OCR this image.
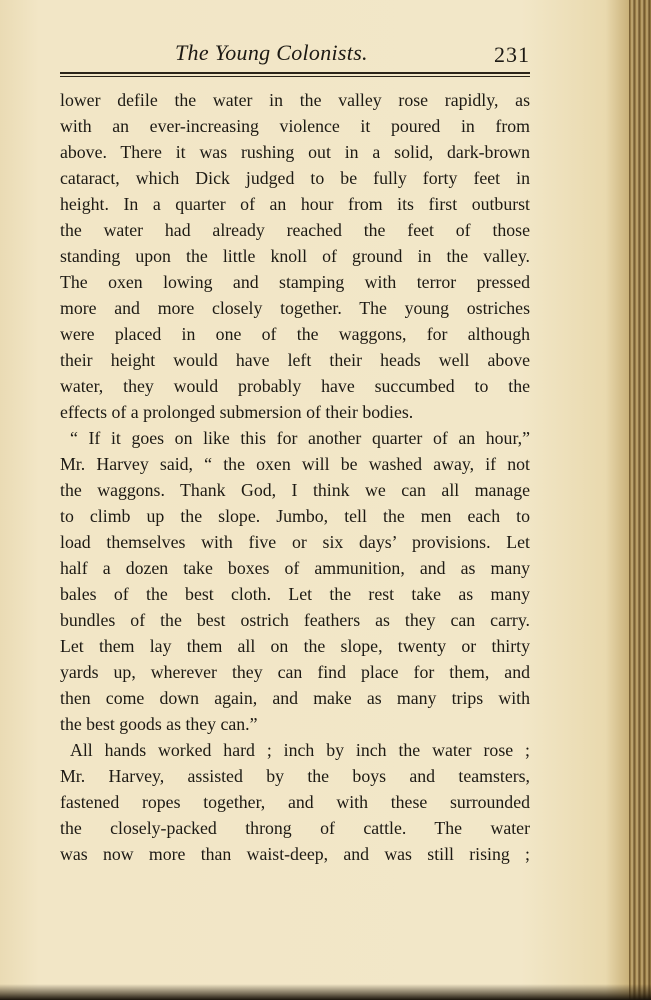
The Young Colonists.	231
lower defile the water in the valley rose rapidly, as
with an ever-increasing violence it poured in from
above. There it was rushing out in a solid, dark-brown
cataract, which Dick judged to be fully forty feet in
height. In a quarter of an hour from its first outburst
the water had already reached the feet of those
standing upon the little knoll of ground in the valley.
The oxen lowing and stamping with terror pressed
more and more closely together. The young ostriches
were placed in one of the waggons, for although
their height would have left their heads well above
water, they would probably have succumbed to the
effects of a prolonged submersion of their bodies.
“ If it goes on like this for another quarter of an hour,”
Mr. Harvey said, “ the oxen will be washed away, if not
the waggons. Thank God, I think we can all manage
to climb up the slope. Jumbo, tell the men each to
load themselves with five or six days’ provisions. Let
half a dozen take boxes of ammunition, and as many
bales of the best cloth. Let the rest take as many
bundles of the best ostrich feathers as they can carry.
Let them lay them all on the slope, twenty or thirty
yards up, wherever they can find place for them, and
then come down again, and make as many trips with
the best goods as they can.”
All hands worked hard ; inch by inch the water rose ;
Mr. Harvey, assisted by the boys and teamsters,
fastened ropes together, and with these surrounded
the closely-packed throng of cattle. The water
was now more than waist-deep, and was still rising ;
